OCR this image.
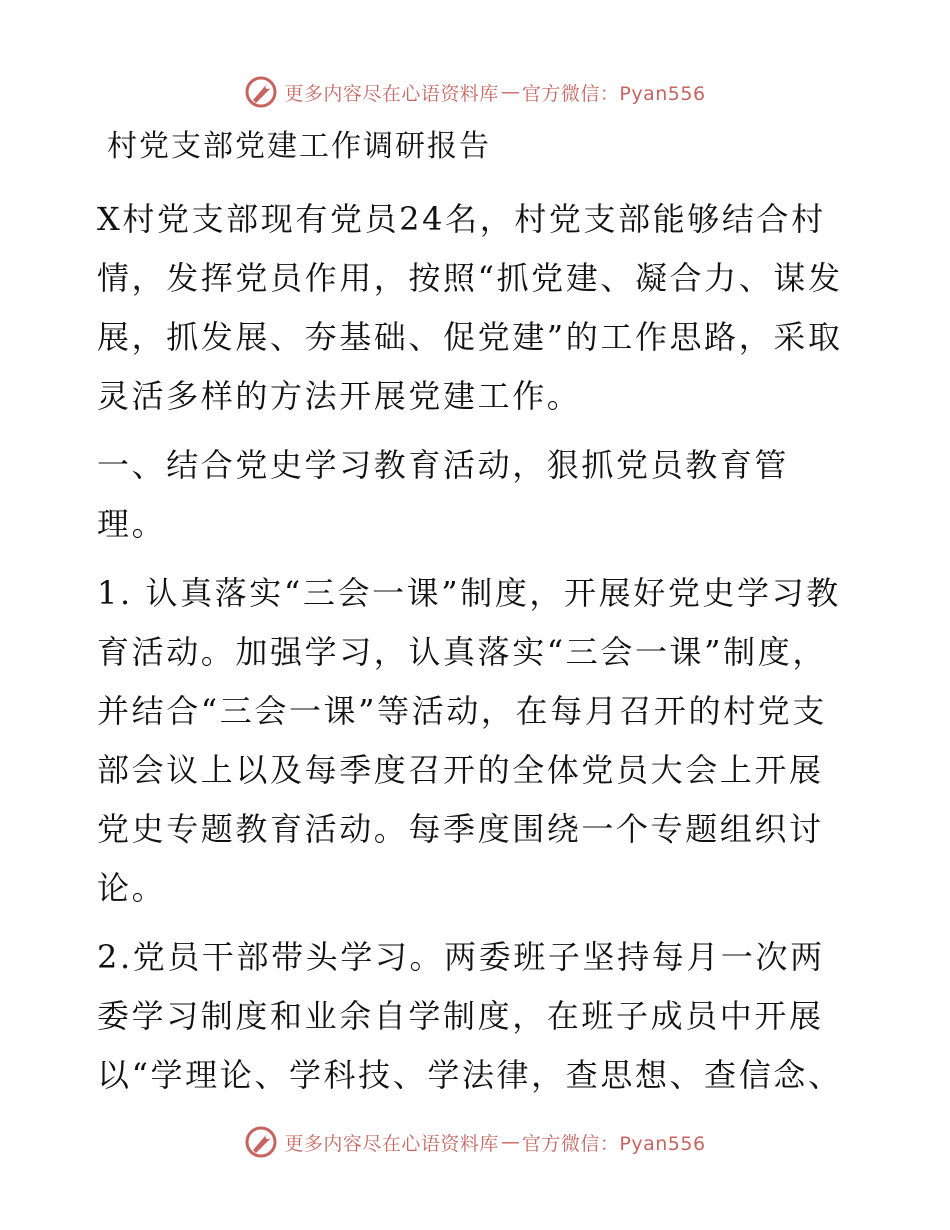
更多内容尽在心语资料库 — 官方微信：Pyan556
村党支部党建工作调研报告

X村党支部现有党员24名，村党支部能够结合村情，发挥党员作用，按照“抓党建、凝合力、谋发展，抓发展、夯基础、促党建”的工作思路，采取灵活多样的方法开展党建工作。

一、结合党史学习教育活动，狠抓党员教育管理。

1. 认真落实“三会一课”制度，开展好党史学习教育活动。加强学习，认真落实“三会一课”制度，并结合“三会一课”等活动，在每月召开的村党支部会议上以及每季度召开的全体党员大会上开展党史专题教育活动。每季度围绕一个专题组织讨论。

2.党员干部带头学习。两委班子坚持每月一次两委学习制度和业余自学制度，在班子成员中开展以“学理论、学科技、学法律，查思想、查信念、

更多内容尽在心语资料库 — 官方微信：Pyan556
